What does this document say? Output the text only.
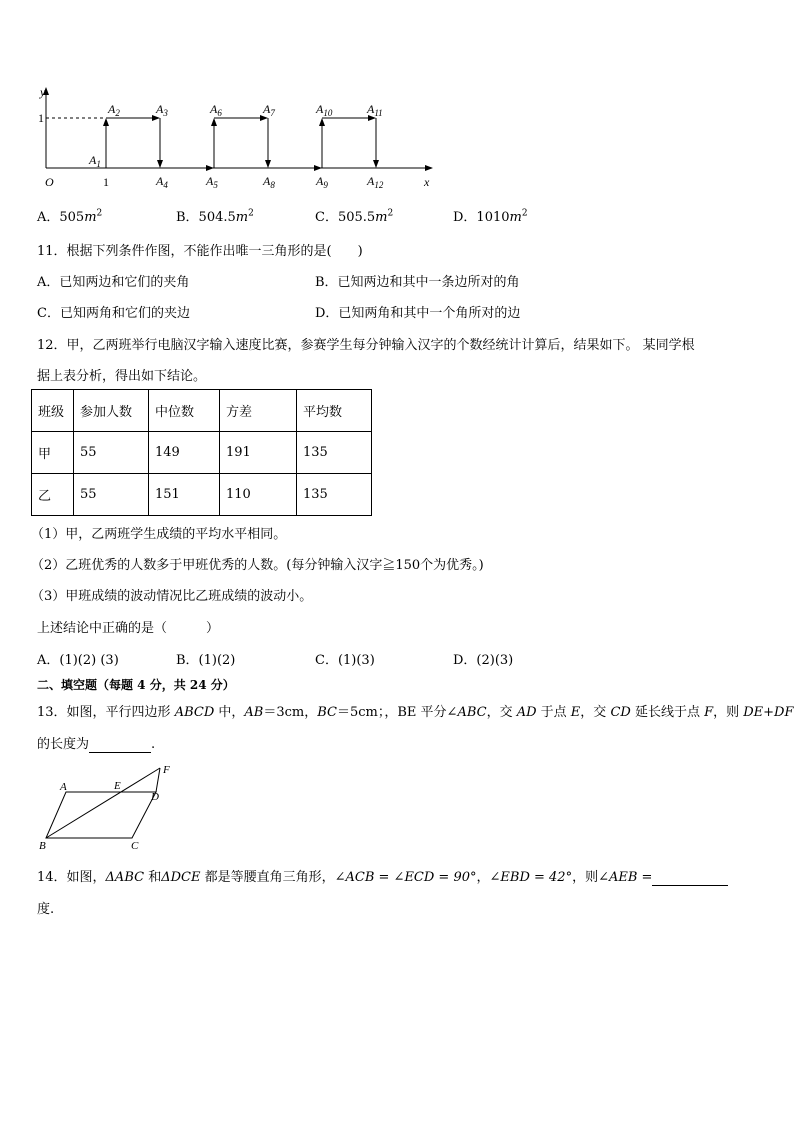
y
x
O
1
1
$A_1$
$A_2$	$A_3$
$A_4$	$A_5$
$A_6$	$A_7$
$A_8$	$A_9$
$A_{10}$	$A_{11}$
$A_{12}$
A．$505m^2$	B．$504.5m^2$	C．$505.5m^2$	D．$1010m^2$
11．根据下列条件作图，不能作出唯一三角形的是(　　)
A．已知两边和它们的夹角	B．已知两边和其中一条边所对的角
C．已知两角和它们的夹边	D．已知两角和其中一个角所对的边
12．甲，乙两班举行电脑汉字输入速度比赛，参赛学生每分钟输入汉字的个数经统计计算后，结果如下。 某同学根
据上表分析，得出如下结论。
班级	参加人数	中位数	方差	平均数
甲	55	149	191	135
乙	55	151	110	135
（1）甲，乙两班学生成绩的平均水平相同。
（2）乙班优秀的人数多于甲班优秀的人数。(每分钟输入汉字≧150个为优秀。)
（3）甲班成绩的波动情况比乙班成绩的波动小。
上述结论中正确的是（　　　）
A．(1)(2) (3)	B．(1)(2)	C．(1)(3)	D．(2)(3)
二、填空题（每题 4 分，共 24 分）
13．如图，平行四边形 ABCD 中，AB＝3cm，BC＝5cm；，BE 平分∠ABC，交 AD 于点 E，交 CD 延长线于点 F，则 DE+DF
的长度为	.
A	E
F
D
B	C
14．如图，ΔABC 和ΔDCE 都是等腰直角三角形，∠ACB = ∠ECD = 90°，∠EBD = 42°，则∠AEB =
度.
